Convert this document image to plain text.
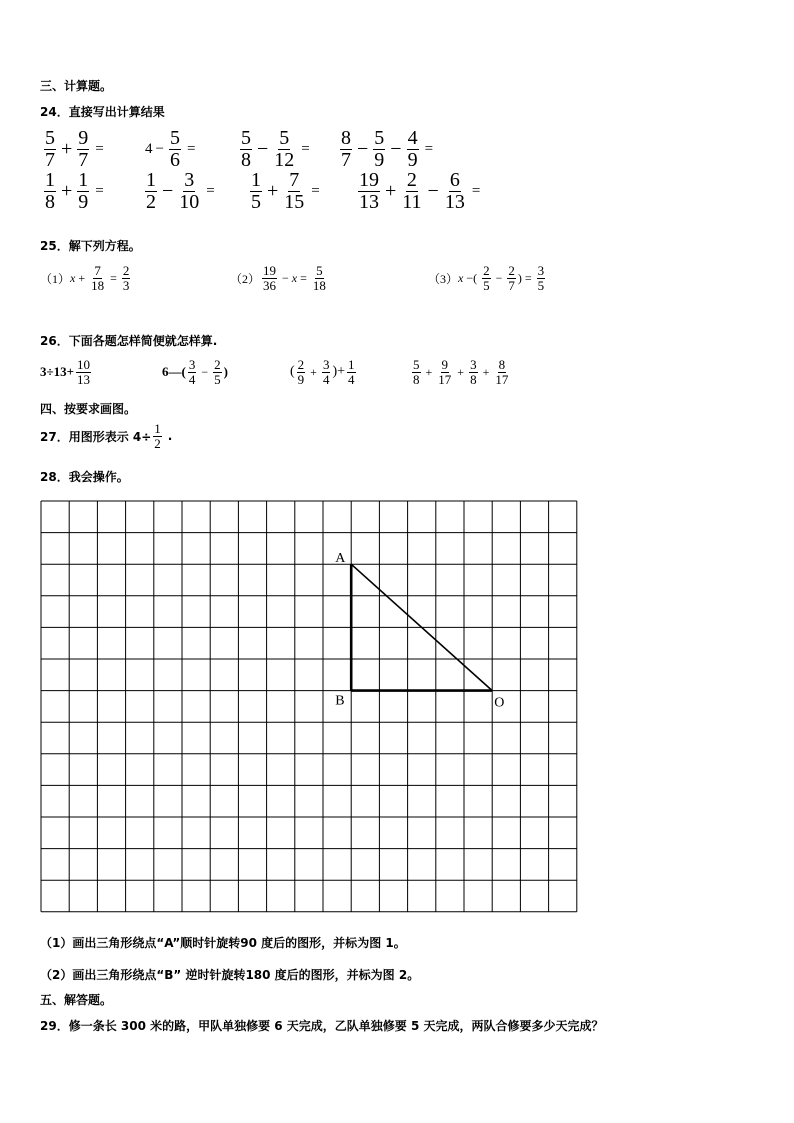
三、计算题。
24．直接写出计算结果
$\frac{5}{7} + \frac{9}{7}$ =	$4 - \frac{5}{6} = \frac{5}{8} - \frac{5}{12} = \frac{8}{7} - \frac{5}{9} - \frac{4}{9}$ =
$\frac{1}{8} + \frac{1}{9} = \frac{1}{2} - \frac{3}{10} = \frac{1}{5} + \frac{7}{15} = \frac{19}{13} + \frac{2}{11} - \frac{6}{13}$ =
25．解下列方程。
（1） $x + \frac{7}{18} = \frac{2}{3}$	$(2) \frac{19}{36} - x = \frac{5}{18}$	（3） x −( $\frac{2}{5} - \frac{2}{7}$ ) = $\frac{3}{5}$
26．下面各题怎样简便就怎样算.
$3\div 13+ \frac{10}{13}$	6—( $\frac{3}{4} - \frac{2}{5}$ )	( $\frac{2}{9} + \frac{3}{4}$ )+ $\frac{1}{4}$	$\frac{5}{8} + \frac{9}{17} + \frac{3}{8} + \frac{8}{17}$
四、按要求画图。
27．用图形表示 $4\div \frac{1}{2}$ .
28．我会操作。
A
B	O
（1）画出三角形绕点“A”顺时针旋转90 度后的图形，并标为图 1。
（2）画出三角形绕点“B” 逆时针旋转180 度后的图形，并标为图 2。
五、解答题。
29．修一条长 300 米的路，甲队单独修要 6 天完成，乙队单独修要 5 天完成，两队合修要多少天完成？
